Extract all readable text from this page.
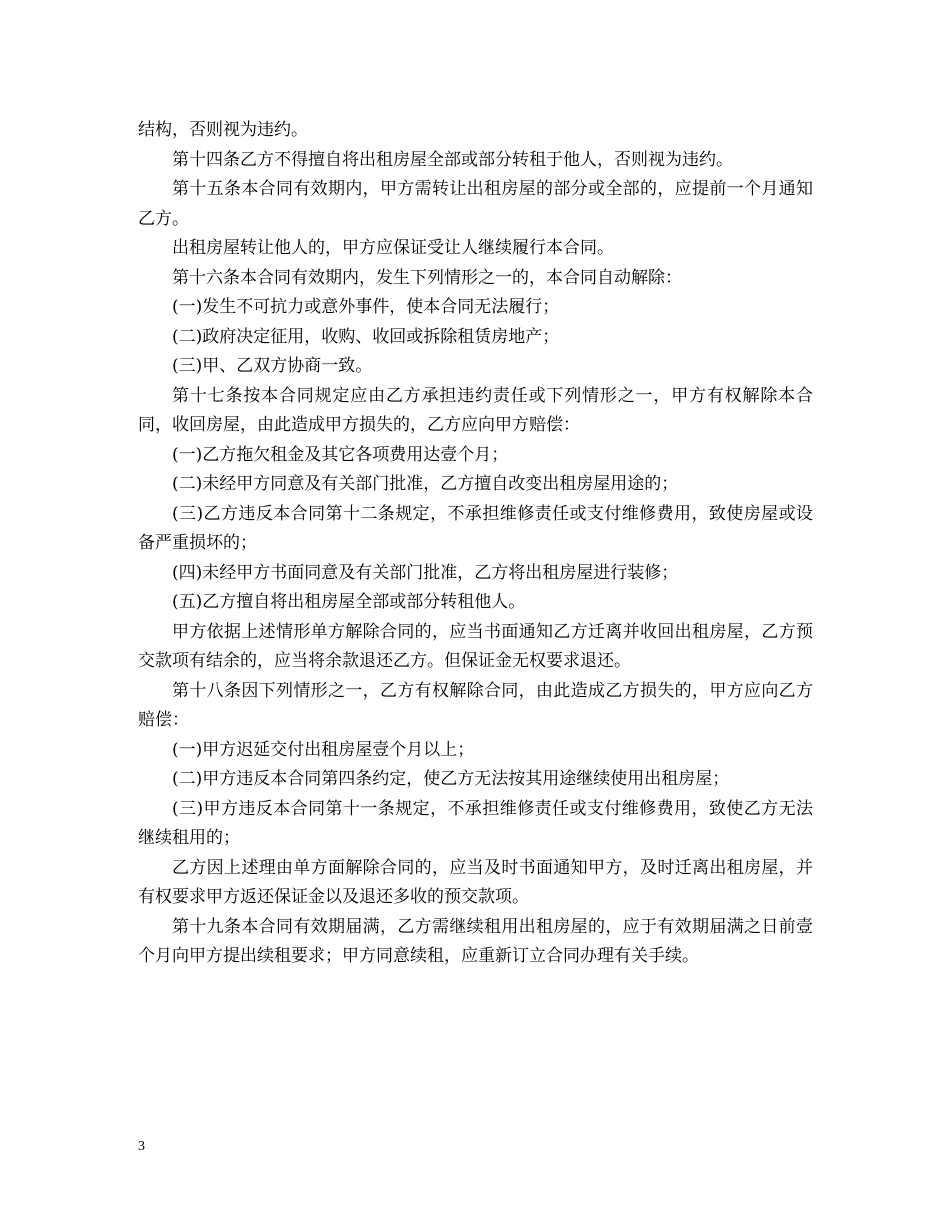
结构，否则视为违约。

第十四条乙方不得擅自将出租房屋全部或部分转租于他人，否则视为违约。

第十五条本合同有效期内，甲方需转让出租房屋的部分或全部的，应提前一个月通知乙方。

出租房屋转让他人的，甲方应保证受让人继续履行本合同。

第十六条本合同有效期内，发生下列情形之一的，本合同自动解除：

(一)发生不可抗力或意外事件，使本合同无法履行；

(二)政府决定征用，收购、收回或拆除租赁房地产；

(三)甲、乙双方协商一致。

第十七条按本合同规定应由乙方承担违约责任或下列情形之一，甲方有权解除本合同，收回房屋，由此造成甲方损失的，乙方应向甲方赔偿：

(一)乙方拖欠租金及其它各项费用达壹个月；

(二)未经甲方同意及有关部门批准，乙方擅自改变出租房屋用途的；

(三)乙方违反本合同第十二条规定，不承担维修责任或支付维修费用，致使房屋或设备严重损坏的；

(四)未经甲方书面同意及有关部门批准，乙方将出租房屋进行装修；

(五)乙方擅自将出租房屋全部或部分转租他人。

甲方依据上述情形单方解除合同的，应当书面通知乙方迁离并收回出租房屋，乙方预交款项有结余的，应当将余款退还乙方。但保证金无权要求退还。

第十八条因下列情形之一，乙方有权解除合同，由此造成乙方损失的，甲方应向乙方赔偿：

(一)甲方迟延交付出租房屋壹个月以上；

(二)甲方违反本合同第四条约定，使乙方无法按其用途继续使用出租房屋；

(三)甲方违反本合同第十一条规定，不承担维修责任或支付维修费用，致使乙方无法继续租用的；

乙方因上述理由单方面解除合同的，应当及时书面通知甲方，及时迁离出租房屋，并有权要求甲方返还保证金以及退还多收的预交款项。

第十九条本合同有效期届满，乙方需继续租用出租房屋的，应于有效期届满之日前壹个月向甲方提出续租要求；甲方同意续租，应重新订立合同办理有关手续。

3
